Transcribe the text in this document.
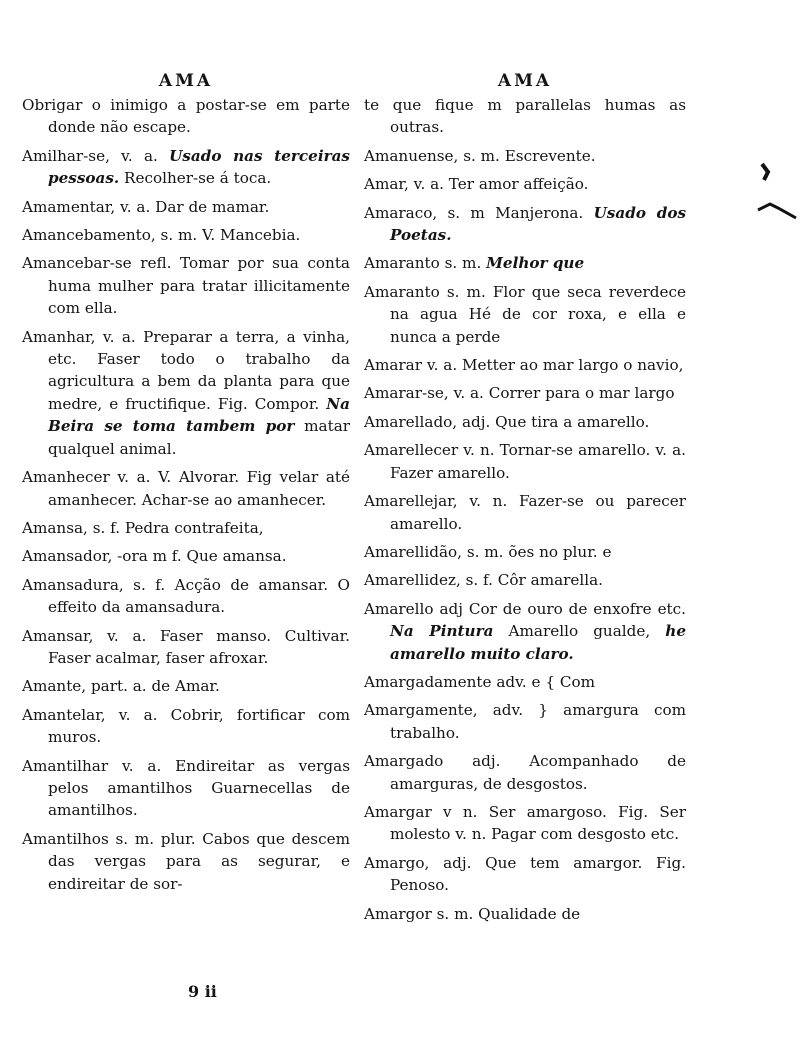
AMA

Obrigar o inimigo a postar-se em parte donde não escape.

Amilhar-se, v. a. Usado nas terceiras pessoas. Recolher-se á toca.

Amamentar, v. a. Dar de mamar.

Amancebamento, s. m. V. Mancebia.

Amancebar-se refl. Tomar por sua conta huma mulher para tratar illicitamente com ella.

Amanhar, v. a. Preparar a terra, a vinha, etc. Faser todo o trabalho da agricultura a bem da planta para que medre, e fructifique. Fig. Compor. Na Beira se toma tambem por matar qualquel animal.

Amanhecer v. a. V. Alvorar. Fig velar até amanhecer. Achar-se ao amanhecer.

Amansa, s. f. Pedra contrafeita,

Amansador, -ora m f. Que amansa.

Amansadura, s. f. Acção de amansar. O effeito da amansadura.

Amansar, v. a. Faser manso. Cultivar. Faser acalmar, faser afroxar.

Amante, part. a. de Amar.

Amantelar, v. a. Cobrir, fortificar com muros.

Amantilhar v. a. Endireitar as vergas pelos amantilhos Guarnecellas de amantilhos.

Amantilhos s. m. plur. Cabos que descem das vergas para as segurar, e endireitar de sor-

AMA

te que fique m parallelas humas as outras.

Amanuense, s. m. Escrevente.

Amar, v. a. Ter amor affeição.

Amaraco, s. m Manjerona. Usado dos Poetas.

Amaranto s. m. Melhor que

Amaranto s. m. Flor que seca reverdece na agua Hé de cor roxa, e ella e nunca a perde

Amarar v. a. Metter ao mar largo o navio,

Amarar-se, v. a. Correr para o mar largo

Amarellado, adj. Que tira a amarello.

Amarellecer v. n. Tornar-se amarello. v. a. Fazer amarello.

Amarellejar, v. n. Fazer-se ou parecer amarello.

Amarellidão, s. m. ões no plur. e

Amarellidez, s. f. Côr amarella.

Amarello adj Cor de ouro de enxofre etc. Na Pintura Amarello gualde, he amarello muito claro.

Amargadamente adv. e { Com

Amargamente, adv. } amargura com trabalho.

Amargado adj. Acompanhado de amarguras, de desgostos.

Amargar v n. Ser amargoso. Fig. Ser molesto v. n. Pagar com desgosto etc.

Amargo, adj. Que tem amargor. Fig. Penoso.

Amargor s. m. Qualidade de

9 ii
